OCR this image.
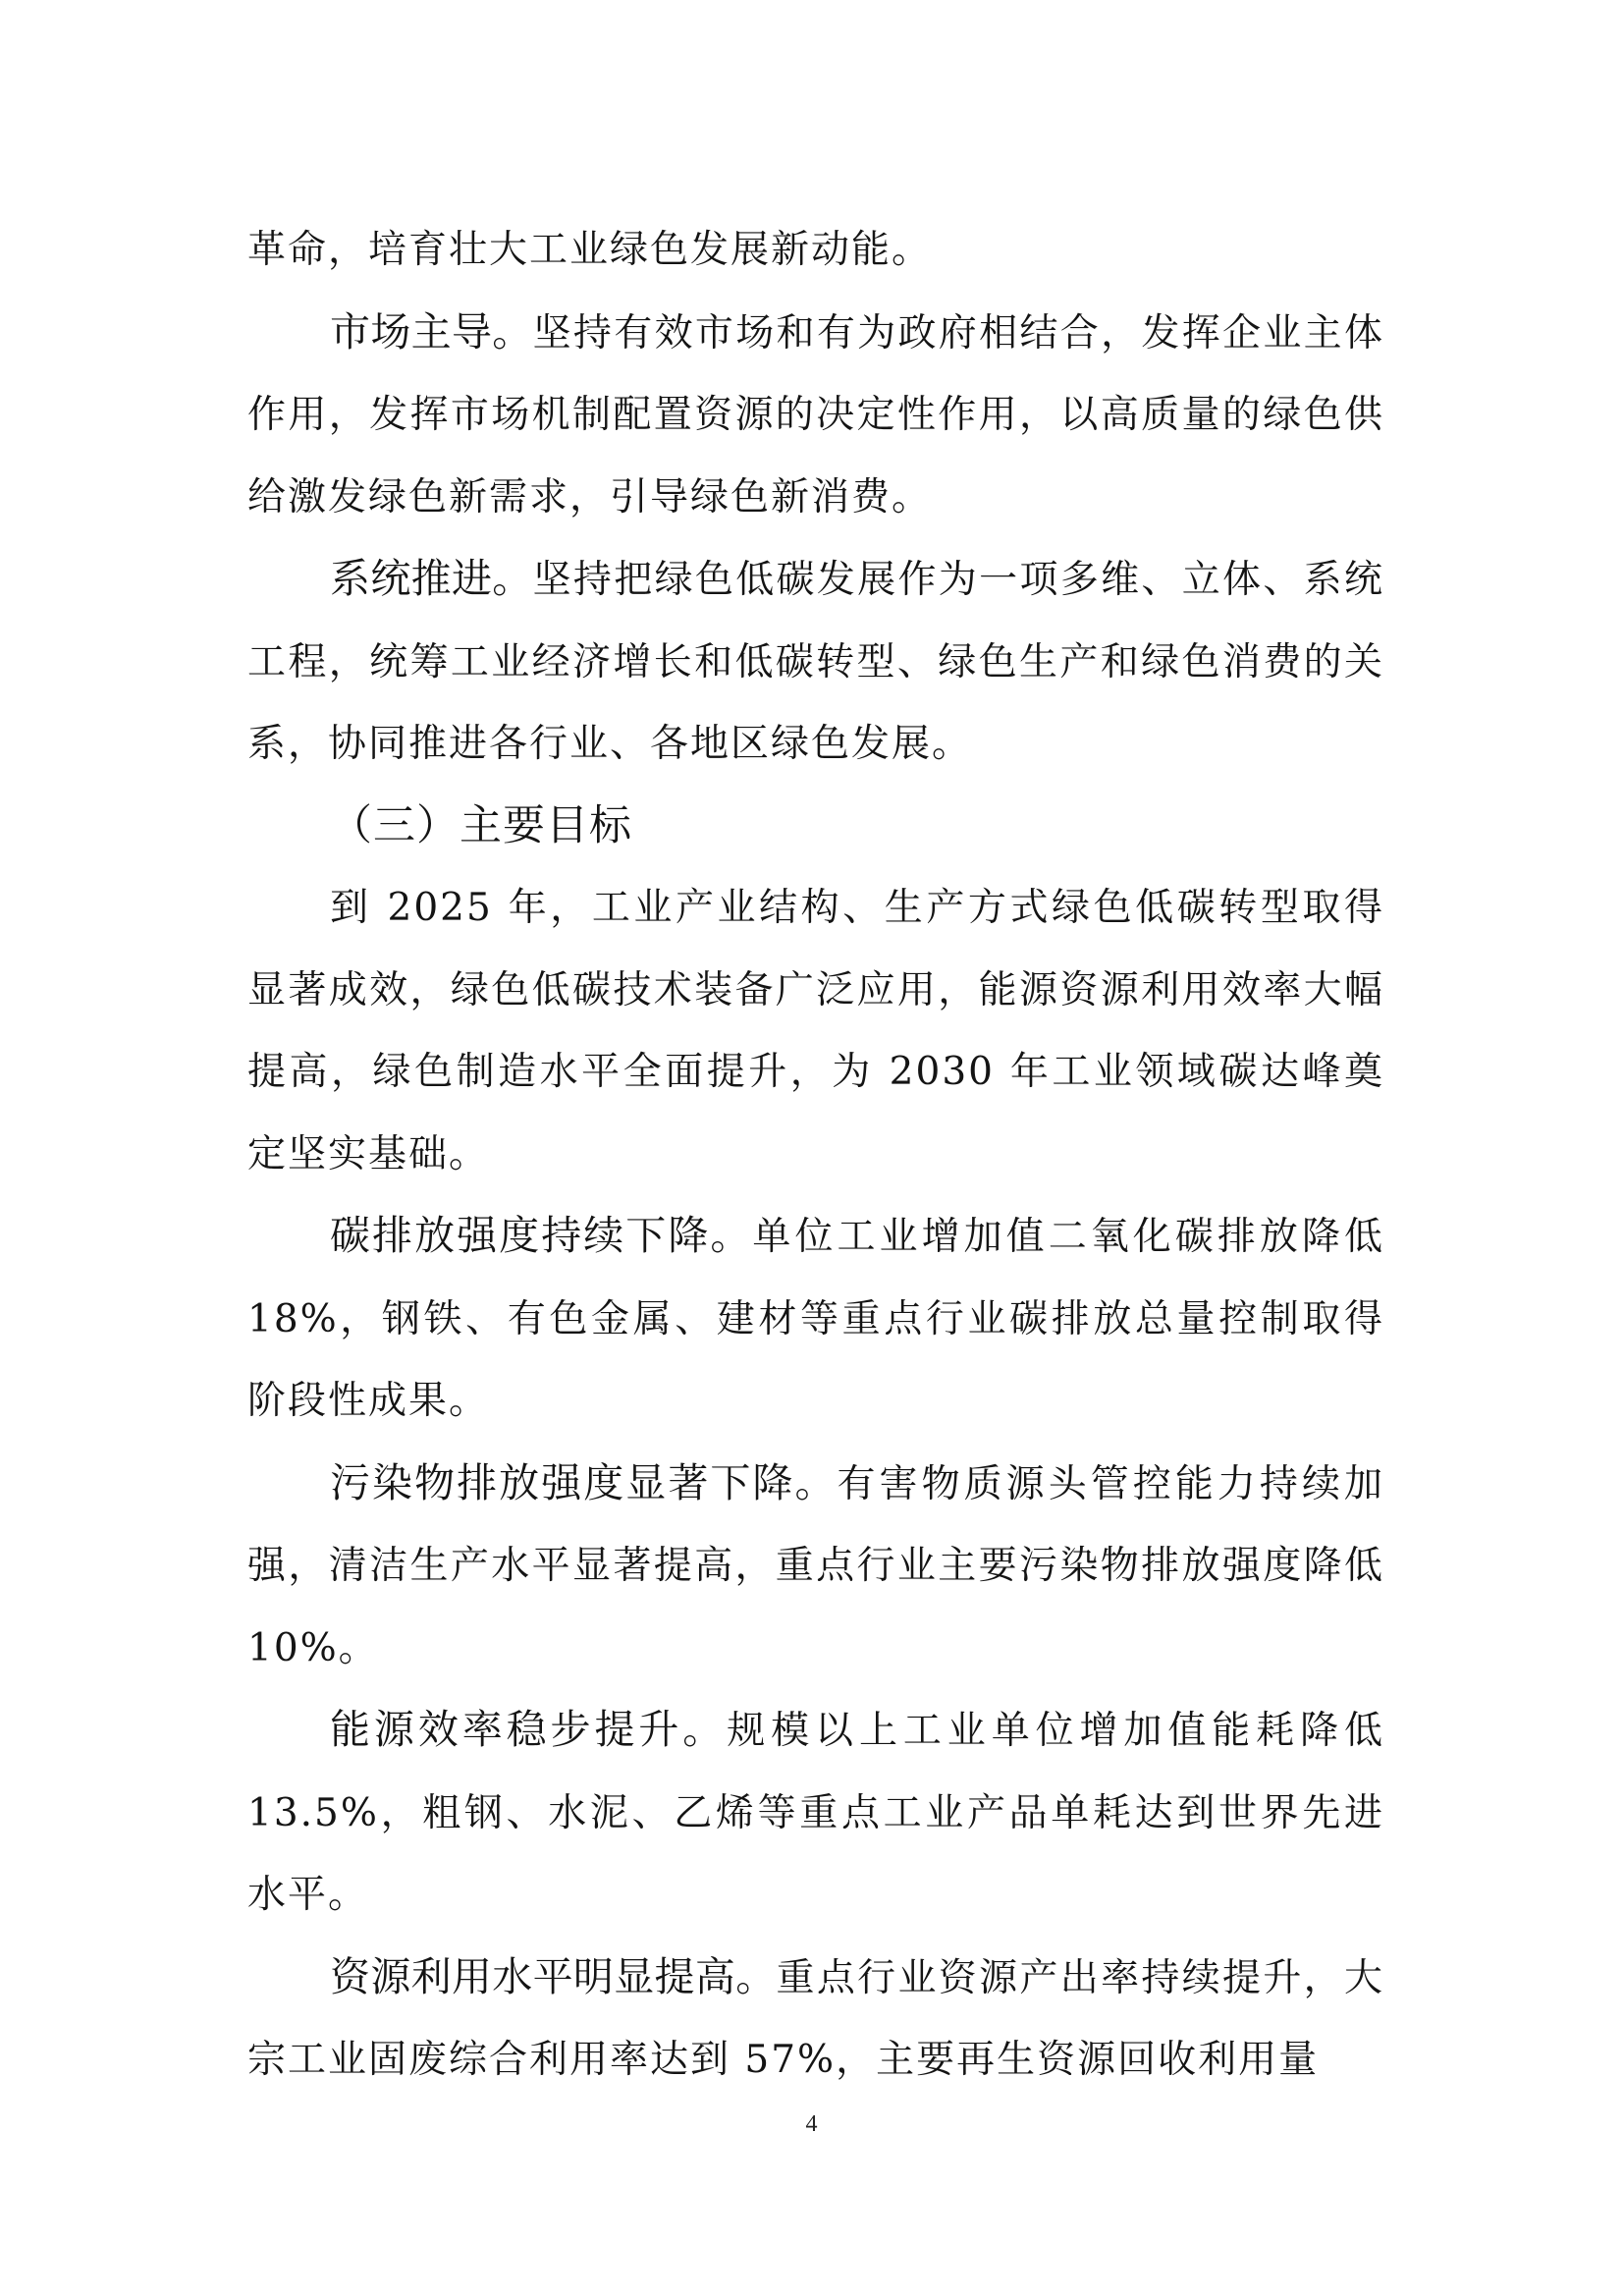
革命，培育壮大工业绿色发展新动能。

市场主导。坚持有效市场和有为政府相结合，发挥企业主体作用，发挥市场机制配置资源的决定性作用，以高质量的绿色供给激发绿色新需求，引导绿色新消费。

系统推进。坚持把绿色低碳发展作为一项多维、立体、系统工程，统筹工业经济增长和低碳转型、绿色生产和绿色消费的关系，协同推进各行业、各地区绿色发展。

（三）主要目标

到 2025 年，工业产业结构、生产方式绿色低碳转型取得显著成效，绿色低碳技术装备广泛应用，能源资源利用效率大幅提高，绿色制造水平全面提升，为 2030 年工业领域碳达峰奠定坚实基础。

碳排放强度持续下降。单位工业增加值二氧化碳排放降低 18%，钢铁、有色金属、建材等重点行业碳排放总量控制取得阶段性成果。

污染物排放强度显著下降。有害物质源头管控能力持续加强，清洁生产水平显著提高，重点行业主要污染物排放强度降低 10%。

能源效率稳步提升。规模以上工业单位增加值能耗降低 13.5%，粗钢、水泥、乙烯等重点工业产品单耗达到世界先进水平。

资源利用水平明显提高。重点行业资源产出率持续提升，大宗工业固废综合利用率达到 57%，主要再生资源回收利用量

4
